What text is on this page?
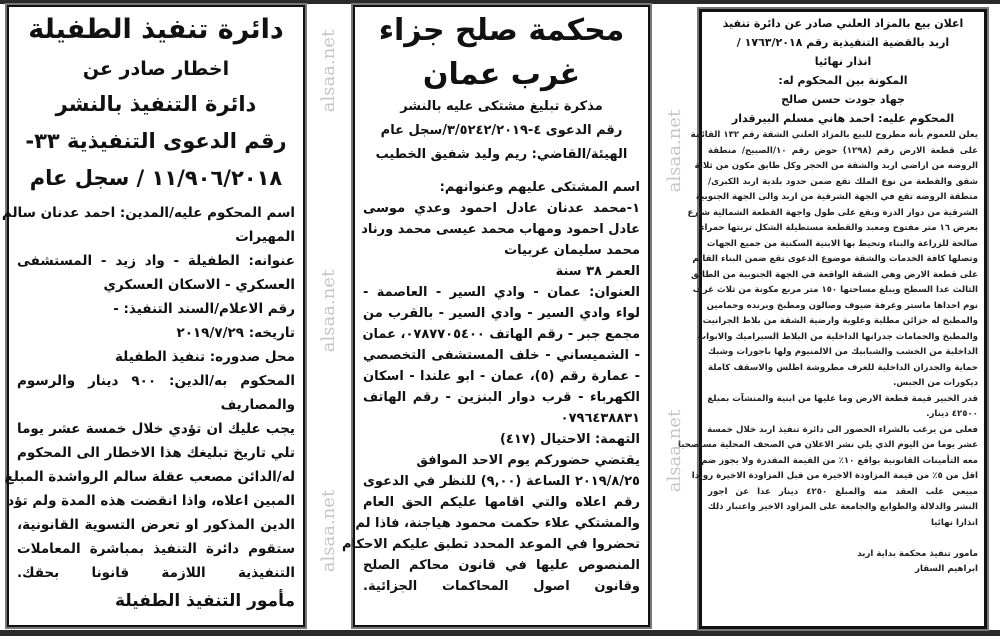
دائرة تنفيذ الطفيلة
اخطار صادر عن
دائرة التنفيذ بالنشر
رقم الدعوى التنفيذية ٣٣-
١١/٩٠٦/٢٠١٨ / سجل عام
اسم المحكوم عليه/المدين: احمد عدنان سالم
المهيرات
عنوانه: الطفيلة - واد زيد - المستشفى
العسكري - الاسكان العسكري
رقم الاعلام/السند التنفيذ: -
تاريخه: ٢٠١٩/٧/٢٩
محل صدوره: تنفيذ الطفيلة
المحكوم به/الدين: ٩٠٠ دينار والرسوم
والمصاريف
يجب عليك ان تؤدي خلال خمسة عشر يوما
تلي تاريخ تبليغك هذا الاخطار الى المحكوم
له/الدائن مصعب عقلة سالم الرواشدة المبلغ
المبين اعلاه، واذا انقضت هذه المدة ولم تؤد
الدين المذكور او تعرض التسوية القانونية،
ستقوم دائرة التنفيذ بمباشرة المعاملات
التنفيذية اللازمة قانونا بحقك.
مأمور التنفيذ الطفيلة
محكمة صلح جزاء
غرب عمان
مذكرة تبليغ مشتكى عليه بالنشر
رقم الدعوى ٤-٣/٥٢٤٢/٢٠١٩/سجل عام
الهيئة/القاضي: ريم وليد شفيق الخطيب
اسم المشتكى عليهم وعنوانهم:
١-محمد عدنان عادل احمود وعدي موسى
عادل احمود ومهاب محمد عيسى محمد ورناد
محمد سليمان عربيات
العمر ٣٨ سنة
العنوان: عمان - وادي السير - العاصمة -
لواء وادي السير - وادي السير - بالقرب من
مجمع جبر - رقم الهاتف ٠٧٨٧٧٠٥٤٠٠، عمان
- الشميساني - خلف المستشفى التخصصي
- عمارة رقم (٥)، عمان - ابو علندا - اسكان
الكهرباء - قرب دوار البنزين - رقم الهاتف
٠٧٩٦٤٣٨٨٣١
التهمة: الاحتيال (٤١٧)
يقتضي حضوركم يوم الاحد الموافق
٢٠١٩/٨/٢٥ الساعة (٩,٠٠) للنظر في الدعوى
رقم اعلاه والتي اقامها عليكم الحق العام
والمشتكي علاء حكمت محمود هياجنة، فاذا لم
تحضروا في الموعد المحدد تطبق عليكم الاحكام
المنصوص عليها في قانون محاكم الصلح
وقانون اصول المحاكمات الجزائية.
اعلان بيع بالمزاد العلني صادر عن دائرة تنفيذ
اربد بالقضية التنفيذية رقم ١٧٦٣/٢٠١٨ /
انذار نهائيا
المكونة بين المحكوم له:
جهاد جودت حسن صالح
المحكوم عليه: احمد هاني مسلم البيرقدار
يعلن للعموم بأنه مطروح للبيع بالمزاد العلني الشقة رقم ١٣٢ القائمة
على قطعة الارض رقم (١٢٩٨) حوض رقم ١٠/الصبيح/ منطقة
الروضه من اراضي اربد والشقة من الحجر وكل طابق مكون من ثلاثة
شقق والقطعة من نوع الملك تقع ضمن حدود بلدية اربد الكبرى/
منطقة الروضه تقع في الجهة الشرقية من اربد والى الجهة الجنوبية
الشرقية من دوار الدرة ويقع على طول واجهة القطعة الشمالية شارع
بعرض ١٦ متر مفتوح ومعبد والقطعة مستطيلة الشكل تربتها حمراء
صالحة للزراعة والبناء وتحيط بها الابنية السكنية من جميع الجهات
وتصلها كافة الخدمات والشقة موضوع الدعوى تقع ضمن البناء القائم
على قطعة الارض وهي الشقة الواقعة في الجهة الجنوبية من الطابق
الثالث عدا السطح ويبلغ مساحتها ١٥٠ متر مربع مكونة من ثلاث غرف
نوم احداها ماستر وغرفة ضيوف وصالون ومطبخ وبرنده وحمامين
والمطبخ له خزائن مطلية وعلوية وارضية الشقة من بلاط الجرانيت
والمطبخ والحمامات جدرانها الداخلية من البلاط السيراميك والابواب
الداخلية من الخشب والشبابيك من الالمنيوم ولها باجورات وشبك
حماية والجدران الداخلية للغرف مطروشة اطلس والاسقف كاملة
ديكورات من الجبس.
قدر الخبير قيمة قطعة الارض وما عليها من ابنية والمنشآت بمبلغ
٤٢٥٠٠ دينار.
فعلى من يرغب بالشراء الحضور الى دائرة تنفيذ اربد خلال خمسة
عشر يوما من اليوم الذي يلي نشر الاعلان في الصحف المحلية مستصحبا
معه التأمينات القانونية بواقع ١٠٪ من القيمة المقدرة ولا يجوز ضم
اقل من ٥٪ من قيمة المزاودة الاخيرة من قبل المزاودة الاخيرة رويدا
مبيعي علب العقد منه والمبلغ ٤٢٥٠ دينار عدا عن اجور
النشر والدلالة والطوابع والجامعة على المزاود الاخير واعتبار ذلك
انذارا نهائيا

مامور تنفيذ محكمة بداية اربد
ابراهيم السقار
alsaa.net
alsaa.net
alsaa.net
alsaa.net
alsaa.net
